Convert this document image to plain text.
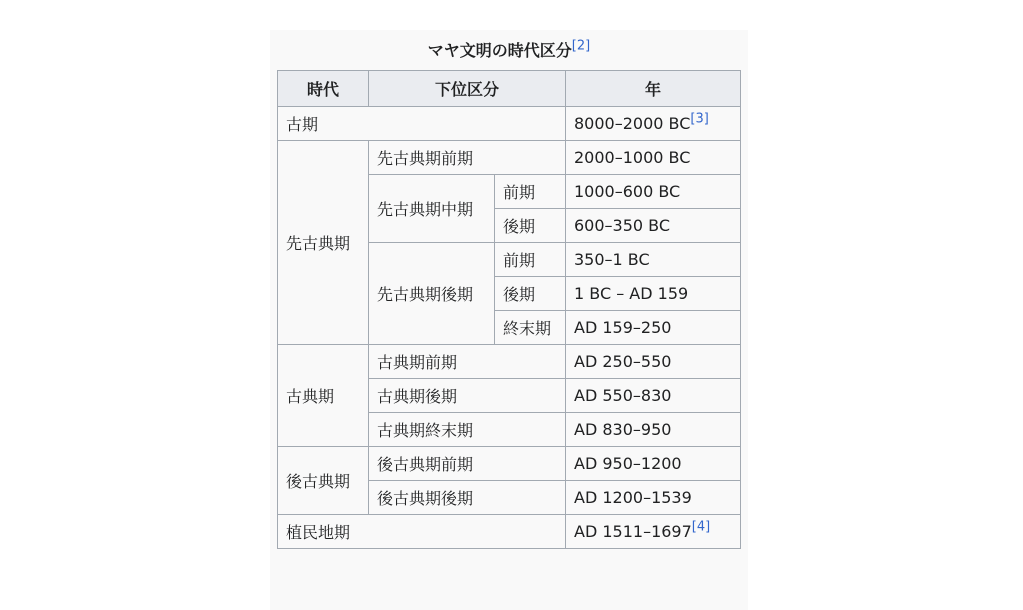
マヤ文明の時代区分[2]
時代	下位区分		年
古期			8000–2000 BC[3]
先古典期	先古典期前期		2000–1000 BC
	先古典期中期	前期	1000–600 BC
		後期	600–350 BC
	先古典期後期	前期	350–1 BC
		後期	1 BC – AD 159
		終末期	AD 159–250
古典期	古典期前期		AD 250–550
	古典期後期		AD 550–830
	古典期終末期		AD 830–950
後古典期	後古典期前期		AD 950–1200
	後古典期後期		AD 1200–1539
植民地期			AD 1511–1697[4]
